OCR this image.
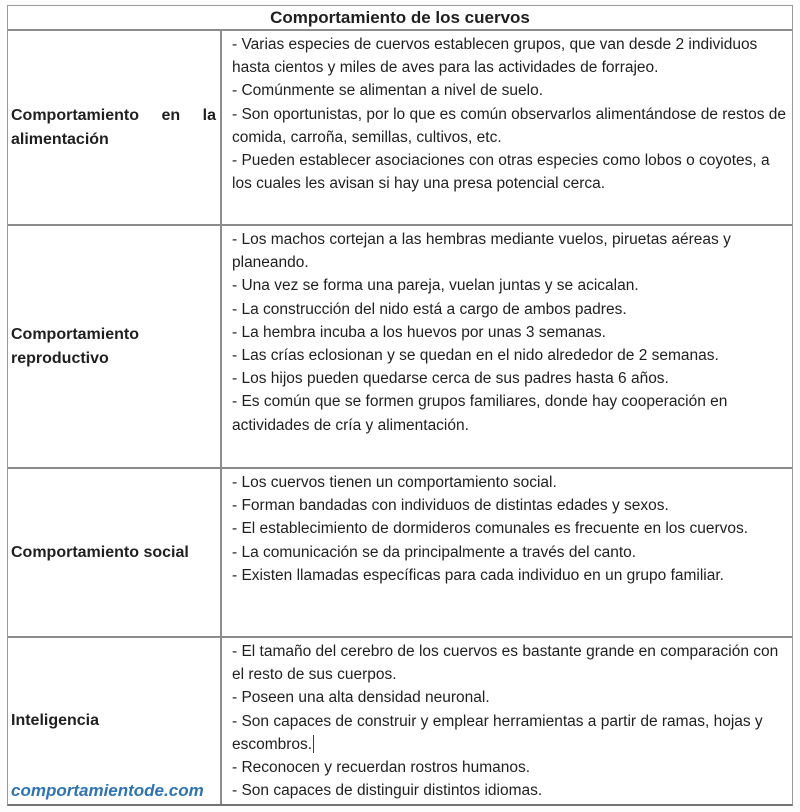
Comportamiento de los cuervos
Comportamiento en la alimentación

- Varias especies de cuervos establecen grupos, que van desde 2 individuos hasta cientos y miles de aves para las actividades de forrajeo.

- Comúnmente se alimentan a nivel de suelo.

- Son oportunistas, por lo que es común observarlos alimentándose de restos de comida, carroña, semillas, cultivos, etc.

- Pueden establecer asociaciones con otras especies como lobos o coyotes, a los cuales les avisan si hay una presa potencial cerca.

Comportamiento reproductivo

- Los machos cortejan a las hembras mediante vuelos, piruetas aéreas y planeando.

- Una vez se forma una pareja, vuelan juntas y se acicalan.

- La construcción del nido está a cargo de ambos padres.

- La hembra incuba a los huevos por unas 3 semanas.

- Las crías eclosionan y se quedan en el nido alrededor de 2 semanas.

- Los hijos pueden quedarse cerca de sus padres hasta 6 años.

- Es común que se formen grupos familiares, donde hay cooperación en actividades de cría y alimentación.

Comportamiento social

- Los cuervos tienen un comportamiento social.

- Forman bandadas con individuos de distintas edades y sexos.

- El establecimiento de dormideros comunales es frecuente en los cuervos.

- La comunicación se da principalmente a través del canto.

- Existen llamadas específicas para cada individuo en un grupo familiar.

Inteligencia
comportamientode.com

- El tamaño del cerebro de los cuervos es bastante grande en comparación con el resto de sus cuerpos.

- Poseen una alta densidad neuronal.

- Son capaces de construir y emplear herramientas a partir de ramas, hojas y escombros.

- Reconocen y recuerdan rostros humanos.

- Son capaces de distinguir distintos idiomas.
